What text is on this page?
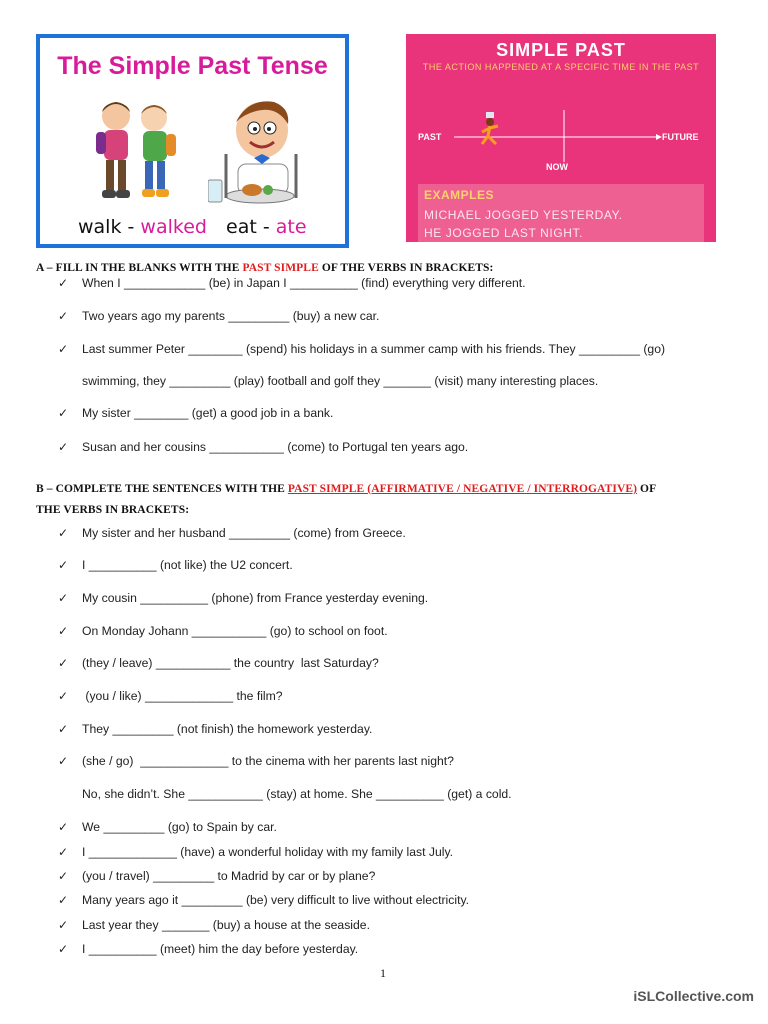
The Simple Past Tense
walk - walked eat - ate
SIMPLE PAST
THE ACTION HAPPENED AT A SPECIFIC TIME IN THE PAST
PAST	FUTURE
NOW
EXAMPLES
MICHAEL JOGGED YESTERDAY.
HE JOGGED LAST NIGHT.
A – FILL IN THE BLANKS WITH THE PAST SIMPLE OF THE VERBS IN BRACKETS:
✓ When I ____________ (be) in Japan I __________ (find) everything very different.
✓ Two years ago my parents _________ (buy) a new car.
✓ Last summer Peter ________ (spend) his holidays in a summer camp with his friends. They _________ (go)
swimming, they _________ (play) football and golf they _______ (visit) many interesting places.
✓ My sister ________ (get) a good job in a bank.
✓ Susan and her cousins ___________ (come) to Portugal ten years ago.
B – COMPLETE THE SENTENCES WITH THE PAST SIMPLE (AFFIRMATIVE / NEGATIVE / INTERROGATIVE) OF
THE VERBS IN BRACKETS:
✓ My sister and her husband _________ (come) from Greece.
✓ I __________ (not like) the U2 concert.
✓ My cousin __________ (phone) from France yesterday evening.
✓ On Monday Johann ___________ (go) to school on foot.
✓ (they / leave) ___________ the country  last Saturday?
✓ (you / like) _____________ the film?
✓ They _________ (not finish) the homework yesterday.
✓ (she / go)  _____________ to the cinema with her parents last night?
No, she didn’t. She ___________ (stay) at home. She __________ (get) a cold.
✓ We _________ (go) to Spain by car.
✓ I _____________ (have) a wonderful holiday with my family last July.
✓ (you / travel) _________ to Madrid by car or by plane?
✓ Many years ago it _________ (be) very difficult to live without electricity.
✓ Last year they _______ (buy) a house at the seaside.
✓ I __________ (meet) him the day before yesterday.
1
iSLCollective.com
